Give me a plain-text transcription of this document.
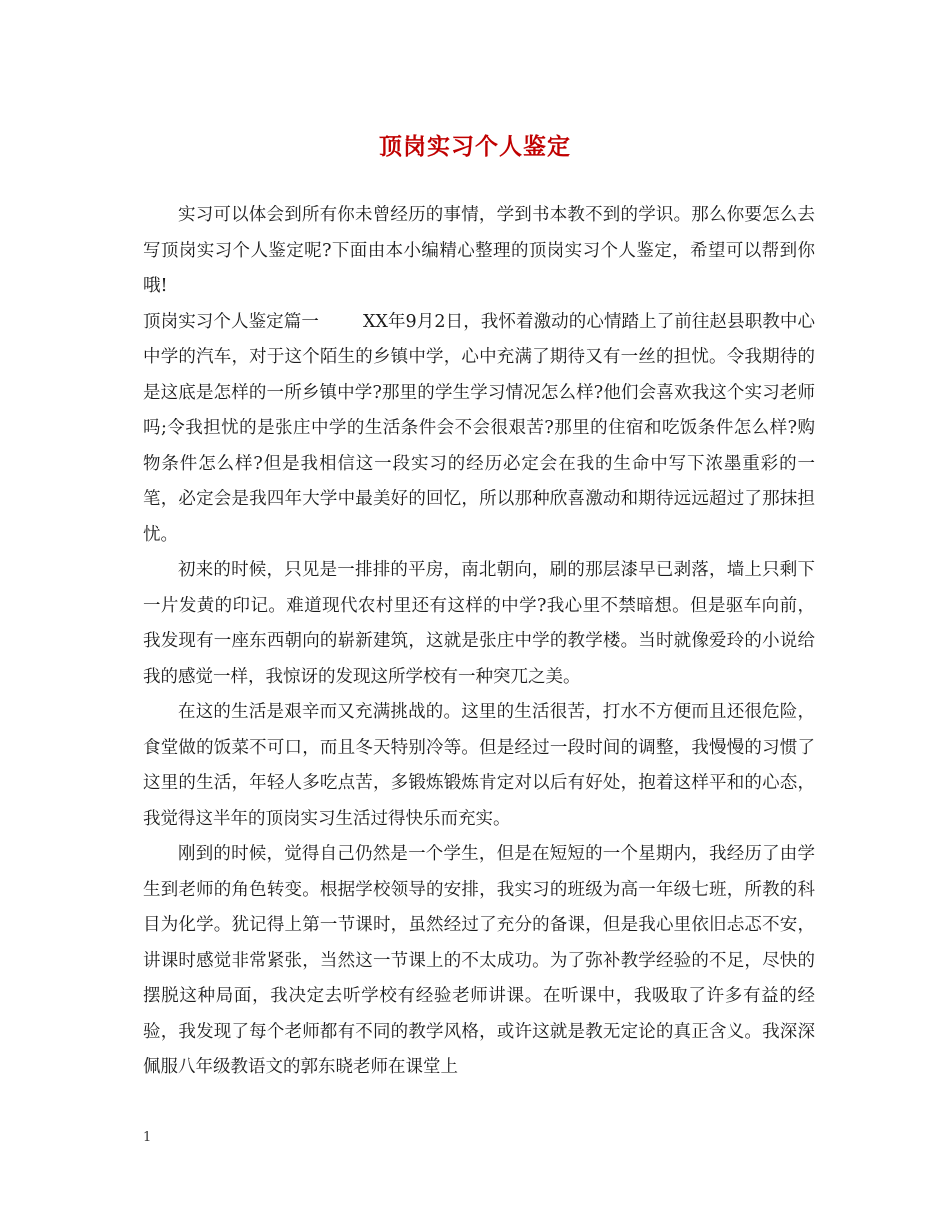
顶岗实习个人鉴定

实习可以体会到所有你未曾经历的事情，学到书本教不到的学识。那么你要怎么去写顶岗实习个人鉴定呢?下面由本小编精心整理的顶岗实习个人鉴定，希望可以帮到你哦!

顶岗实习个人鉴定篇一	XX年9月2日，我怀着激动的心情踏上了前往赵县职教中心中学的汽车，对于这个陌生的乡镇中学，心中充满了期待又有一丝的担忧。令我期待的是这底是怎样的一所乡镇中学?那里的学生学习情况怎么样?他们会喜欢我这个实习老师吗;令我担忧的是张庄中学的生活条件会不会很艰苦?那里的住宿和吃饭条件怎么样?购物条件怎么样?但是我相信这一段实习的经历必定会在我的生命中写下浓墨重彩的一笔，必定会是我四年大学中最美好的回忆，所以那种欣喜激动和期待远远超过了那抹担忧。

初来的时候，只见是一排排的平房，南北朝向，刷的那层漆早已剥落，墙上只剩下一片发黄的印记。难道现代农村里还有这样的中学?我心里不禁暗想。但是驱车向前，我发现有一座东西朝向的崭新建筑，这就是张庄中学的教学楼。当时就像爱玲的小说给我的感觉一样，我惊讶的发现这所学校有一种突兀之美。

在这的生活是艰辛而又充满挑战的。这里的生活很苦，打水不方便而且还很危险，食堂做的饭菜不可口，而且冬天特别冷等。但是经过一段时间的调整，我慢慢的习惯了这里的生活，年轻人多吃点苦，多锻炼锻炼肯定对以后有好处，抱着这样平和的心态，我觉得这半年的顶岗实习生活过得快乐而充实。

刚到的时候，觉得自己仍然是一个学生，但是在短短的一个星期内，我经历了由学生到老师的角色转变。根据学校领导的安排，我实习的班级为高一年级七班，所教的科目为化学。犹记得上第一节课时，虽然经过了充分的备课，但是我心里依旧忐忑不安，讲课时感觉非常紧张，当然这一节课上的不太成功。为了弥补教学经验的不足，尽快的摆脱这种局面，我决定去听学校有经验老师讲课。在听课中，我吸取了许多有益的经验，我发现了每个老师都有不同的教学风格，或许这就是教无定论的真正含义。我深深佩服八年级教语文的郭东晓老师在课堂上

1
